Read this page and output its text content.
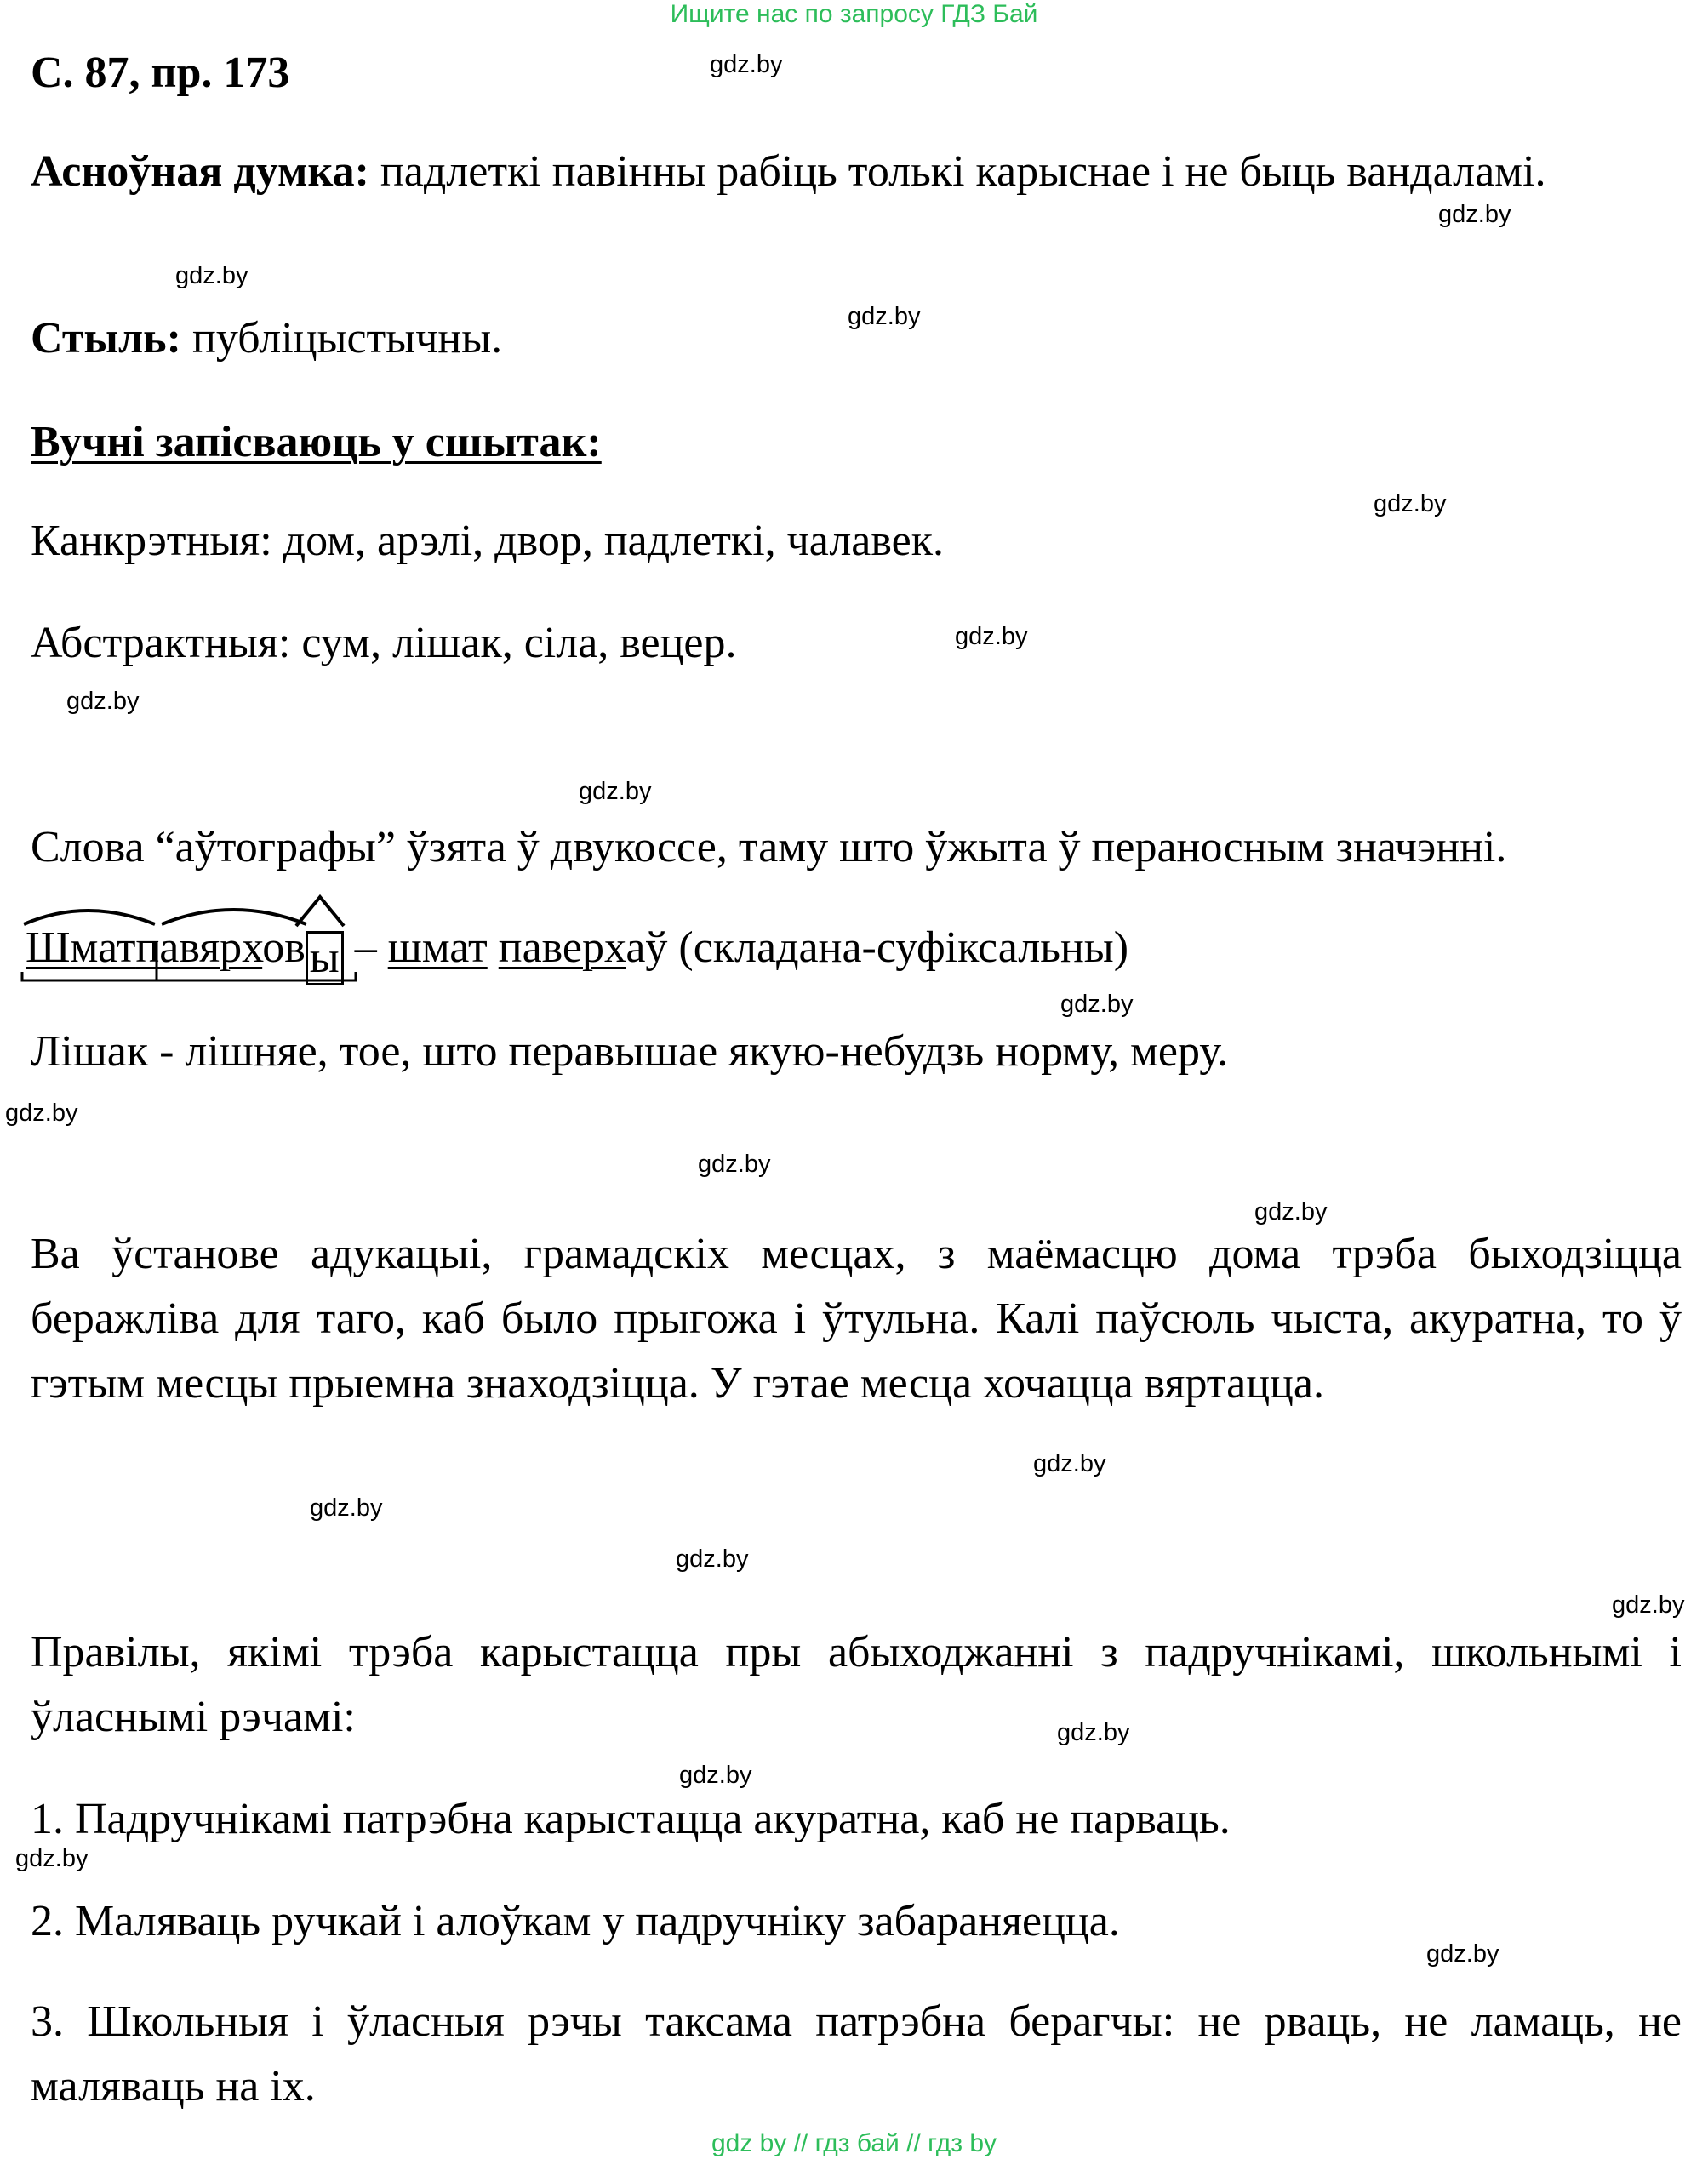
Ищите нас по запросу ГДЗ Бай
С. 87, пр. 173
Асноўная думка: падлеткі павінны рабіць толькі карыснае і не быць вандаламі.
Стыль: публіцыстычны.
Вучні запісваюць у сшытак:
Канкрэтныя: дом, арэлі, двор, падлеткі, чалавек.
Абстрактныя: сум, лішак, сіла, вецер.
Слова “аўтографы” ўзята ў двукоссе, таму што ўжыта ў пераносным значэнні.
Шматпавярховы – шмат паверхаў (складана-суфіксальны)
Лішак - лішняе, тое, што перавышае якую-небудзь норму, меру.
Ва ўстанове адукацыі, грамадскіх месцах, з маёмасцю дома трэба быходзіцца беражліва для таго, каб было прыгожа і ўтульна. Калі паўсюль чыста, акуратна, то ў гэтым месцы прыемна знаходзіцца. У гэтае месца хочацца вяртацца.
Правілы, якімі трэба карыстацца пры абыходжанні з падручнікамі, школьнымі і ўласнымі рэчамі:
1. Падручнікамі патрэбна карыстацца акуратна, каб не парваць.
2. Маляваць ручкай і алоўкам у падручніку забараняецца.
3. Школьныя і ўласныя рэчы таксама патрэбна берагчы: не рваць, не ламаць, не маляваць на іх.
gdz.by
gdz.by
gdz.by
gdz.by
gdz.by
gdz.by
gdz.by
gdz.by
gdz.by
gdz.by
gdz.by
gdz.by
gdz.by
gdz.by
gdz.by
gdz.by
gdz.by
gdz.by
gdz.by
gdz.by
gdz by // гдз бай // гдз by
